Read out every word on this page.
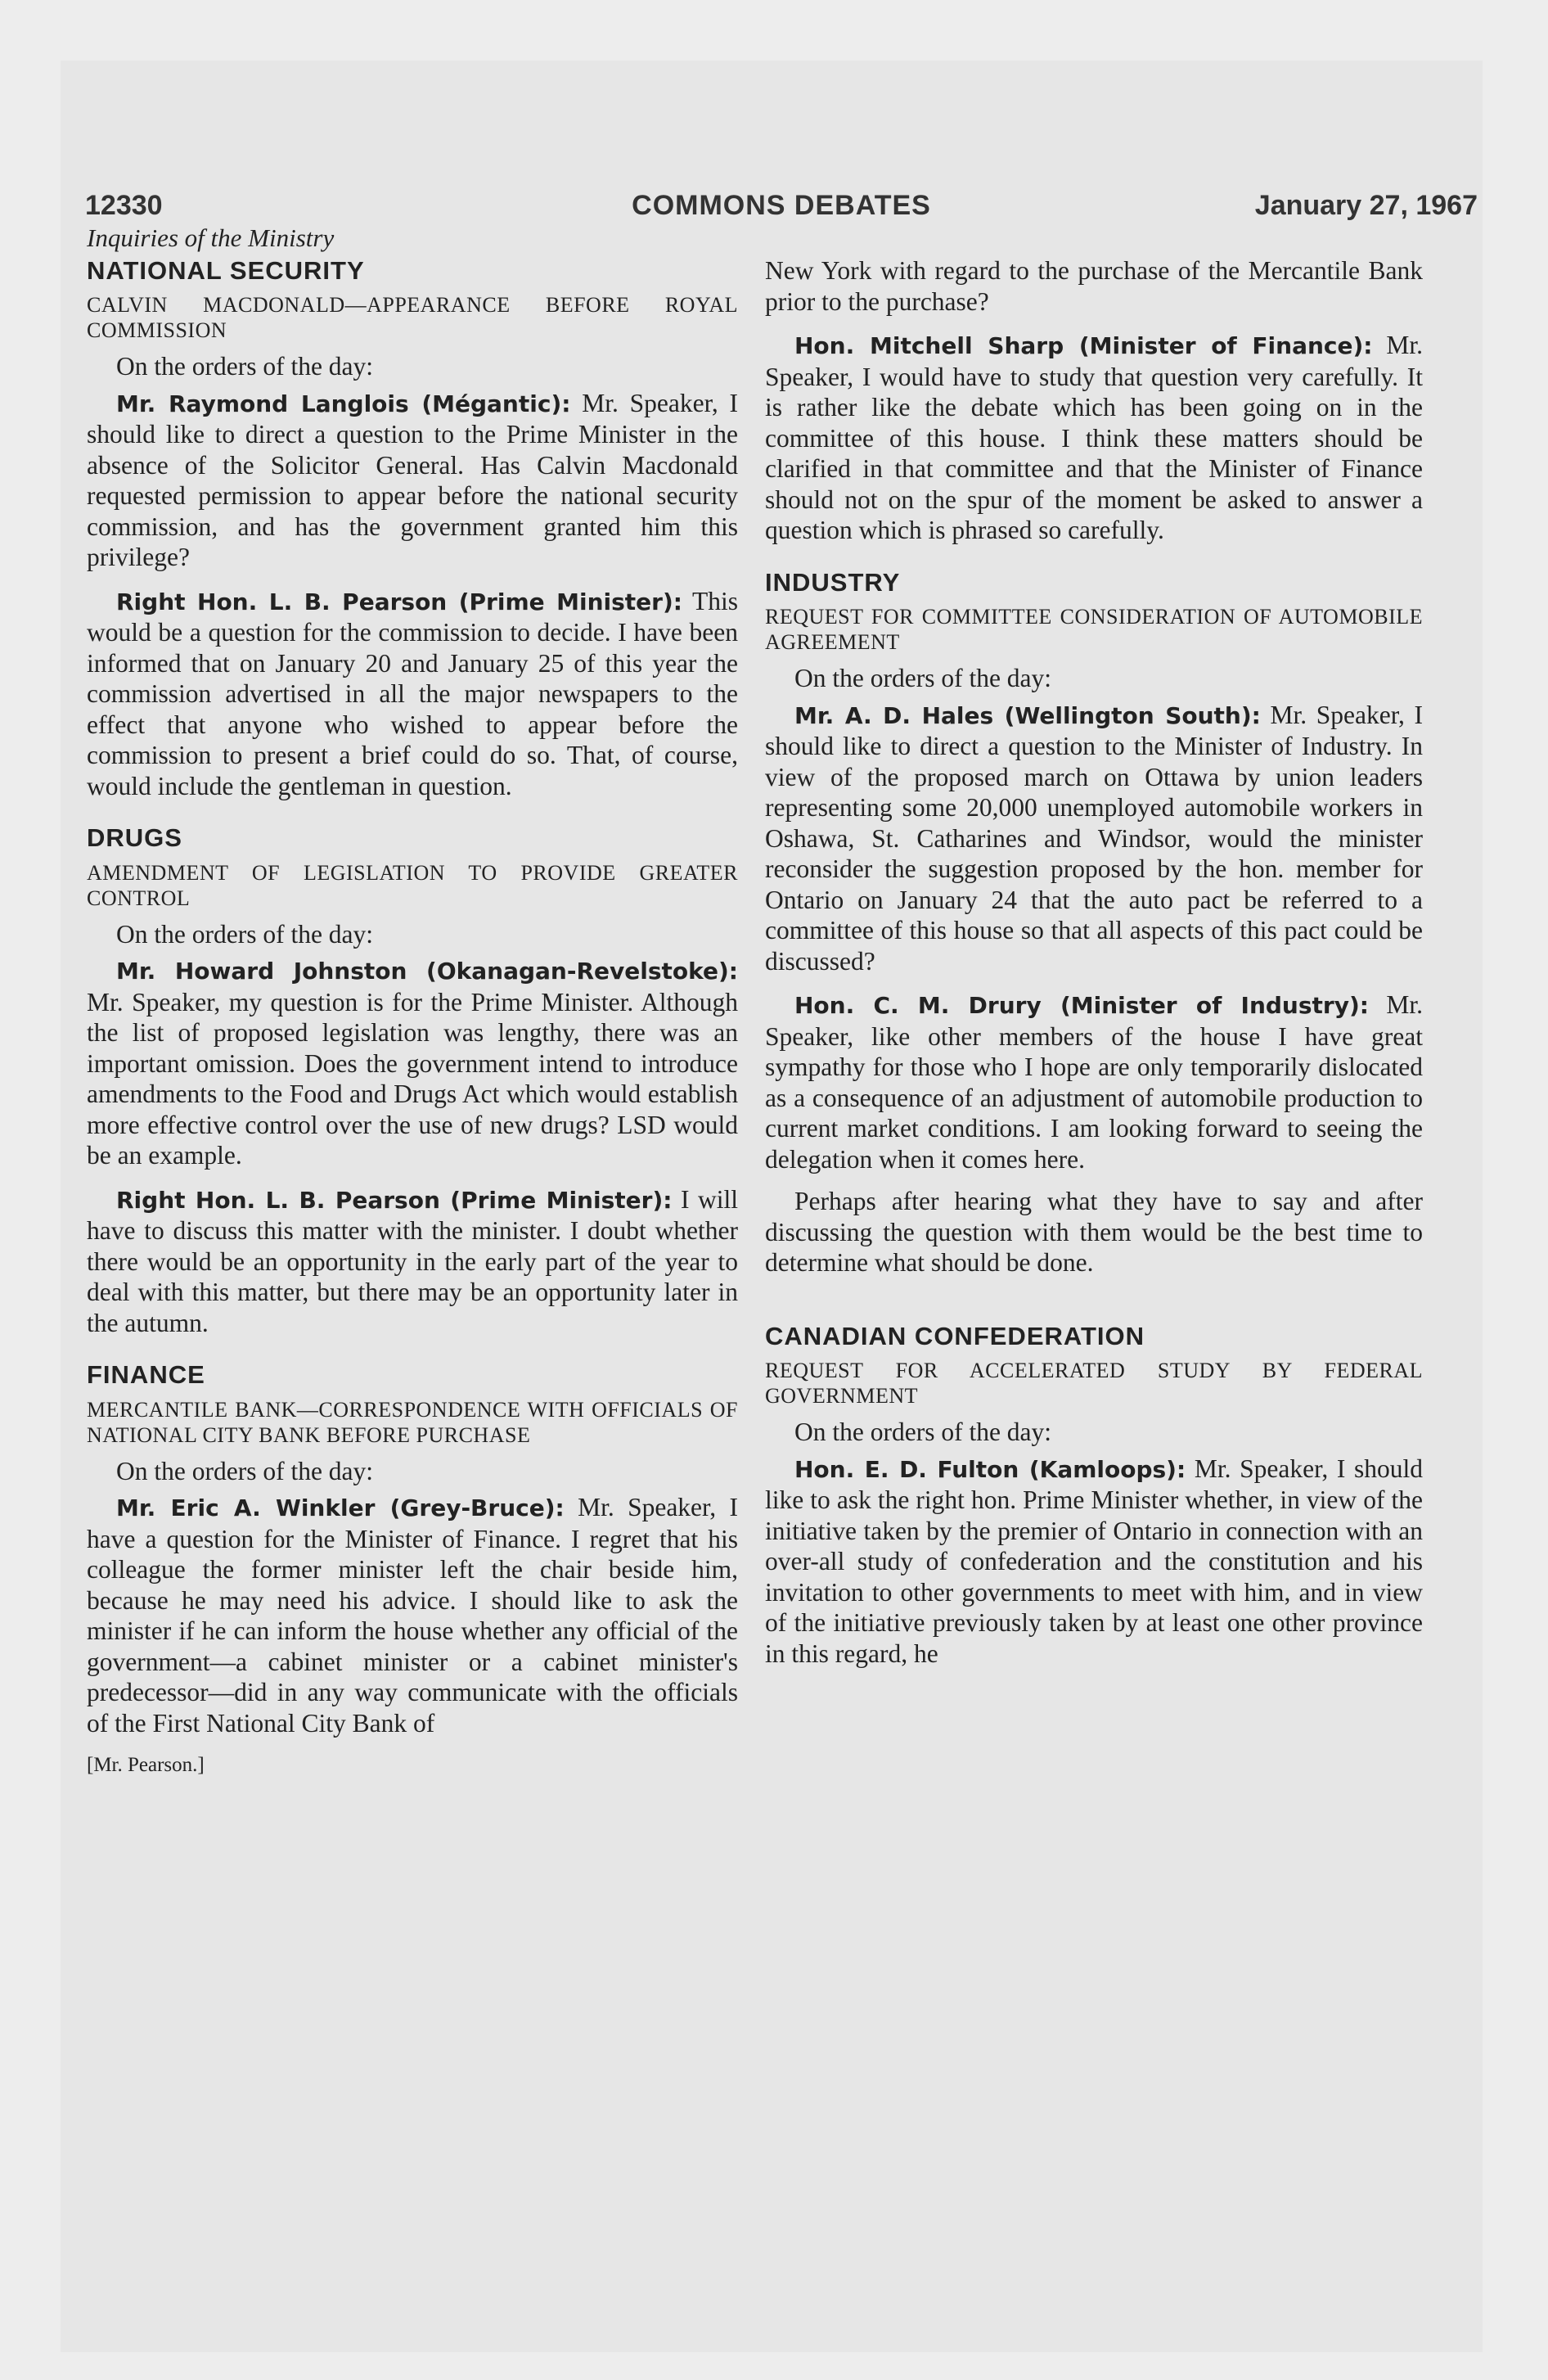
12330	COMMONS DEBATES	January 27, 1967

Inquiries of the Ministry

NATIONAL SECURITY

CALVIN MACDONALD—APPEARANCE BEFORE ROYAL COMMISSION

On the orders of the day:

Mr. Raymond Langlois (Mégantic): Mr. Speaker, I should like to direct a question to the Prime Minister in the absence of the Solicitor General. Has Calvin Macdonald requested permission to appear before the national security commission, and has the government granted him this privilege?

Right Hon. L. B. Pearson (Prime Minister): This would be a question for the commission to decide. I have been informed that on January 20 and January 25 of this year the commission advertised in all the major newspapers to the effect that anyone who wished to appear before the commission to present a brief could do so. That, of course, would include the gentleman in question.

DRUGS

AMENDMENT OF LEGISLATION TO PROVIDE GREATER CONTROL

On the orders of the day:

Mr. Howard Johnston (Okanagan-Revelstoke): Mr. Speaker, my question is for the Prime Minister. Although the list of proposed legislation was lengthy, there was an important omission. Does the government intend to introduce amendments to the Food and Drugs Act which would establish more effective control over the use of new drugs? LSD would be an example.

Right Hon. L. B. Pearson (Prime Minister): I will have to discuss this matter with the minister. I doubt whether there would be an opportunity in the early part of the year to deal with this matter, but there may be an opportunity later in the autumn.

FINANCE

MERCANTILE BANK—CORRESPONDENCE WITH OFFICIALS OF NATIONAL CITY BANK BEFORE PURCHASE

On the orders of the day:

Mr. Eric A. Winkler (Grey-Bruce): Mr. Speaker, I have a question for the Minister of Finance. I regret that his colleague the former minister left the chair beside him, because he may need his advice. I should like to ask the minister if he can inform the house whether any official of the government—a cabinet minister or a cabinet minister's predecessor—did in any way communicate with the officials of the First National City Bank of

[Mr. Pearson.]

New York with regard to the purchase of the Mercantile Bank prior to the purchase?

Hon. Mitchell Sharp (Minister of Finance): Mr. Speaker, I would have to study that question very carefully. It is rather like the debate which has been going on in the committee of this house. I think these matters should be clarified in that committee and that the Minister of Finance should not on the spur of the moment be asked to answer a question which is phrased so carefully.

INDUSTRY

REQUEST FOR COMMITTEE CONSIDERATION OF AUTOMOBILE AGREEMENT

On the orders of the day:

Mr. A. D. Hales (Wellington South): Mr. Speaker, I should like to direct a question to the Minister of Industry. In view of the proposed march on Ottawa by union leaders representing some 20,000 unemployed automobile workers in Oshawa, St. Catharines and Windsor, would the minister reconsider the suggestion proposed by the hon. member for Ontario on January 24 that the auto pact be referred to a committee of this house so that all aspects of this pact could be discussed?

Hon. C. M. Drury (Minister of Industry): Mr. Speaker, like other members of the house I have great sympathy for those who I hope are only temporarily dislocated as a consequence of an adjustment of automobile production to current market conditions. I am looking forward to seeing the delegation when it comes here.

Perhaps after hearing what they have to say and after discussing the question with them would be the best time to determine what should be done.

CANADIAN CONFEDERATION

REQUEST FOR ACCELERATED STUDY BY FEDERAL GOVERNMENT

On the orders of the day:

Hon. E. D. Fulton (Kamloops): Mr. Speaker, I should like to ask the right hon. Prime Minister whether, in view of the initiative taken by the premier of Ontario in connection with an over-all study of confederation and the constitution and his invitation to other governments to meet with him, and in view of the initiative previously taken by at least one other province in this regard, he
